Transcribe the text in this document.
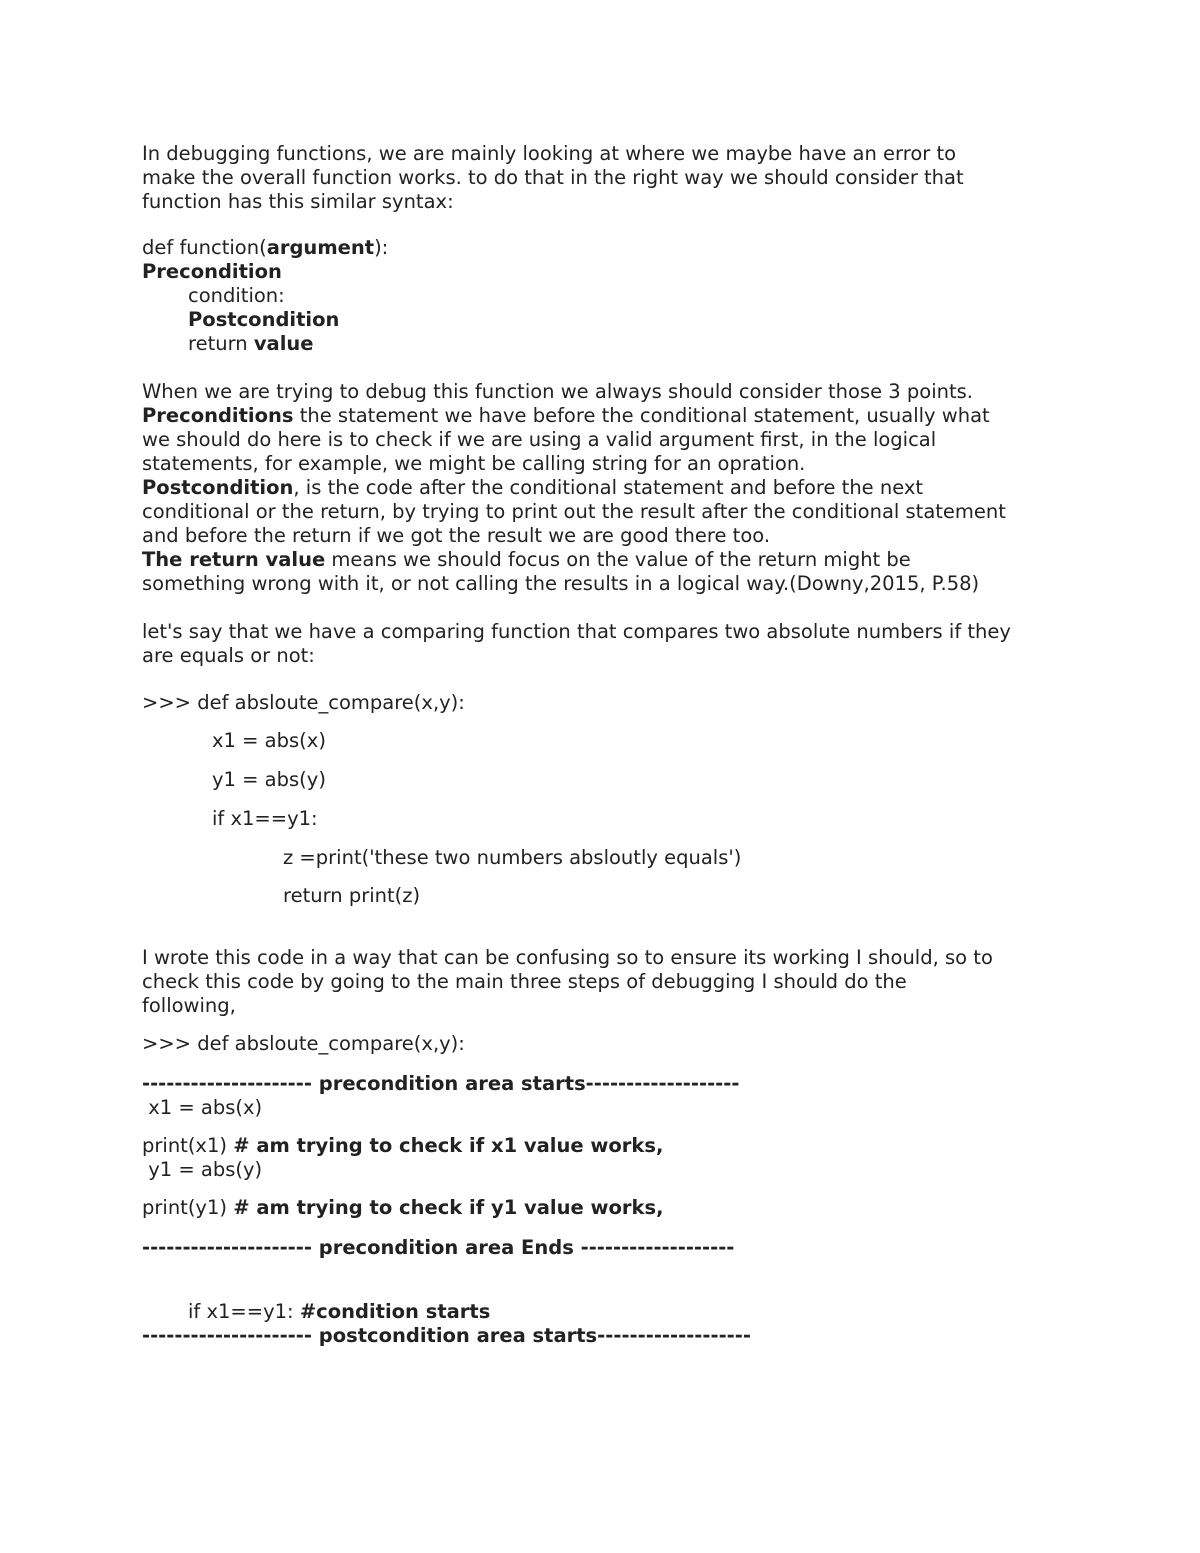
In debugging functions, we are mainly looking at where we maybe have an error to
make the overall function works. to do that in the right way we should consider that
function has this similar syntax:
def function(argument):
Precondition
condition:
Postcondition
return value
When we are trying to debug this function we always should consider those 3 points.
Preconditions the statement we have before the conditional statement, usually what
we should do here is to check if we are using a valid argument first, in the logical
statements, for example, we might be calling string for an opration.
Postcondition, is the code after the conditional statement and before the next
conditional or the return, by trying to print out the result after the conditional statement
and before the return if we got the result we are good there too.
The return value means we should focus on the value of the return might be
something wrong with it, or not calling the results in a logical way.(Downy,2015, P.58)
let's say that we have a comparing function that compares two absolute numbers if they
are equals or not:
>>> def absloute_compare(x,y):
x1 = abs(x)
y1 = abs(y)
if x1==y1:
z =print('these two numbers absloutly equals')
return print(z)
I wrote this code in a way that can be confusing so to ensure its working I should, so to
check this code by going to the main three steps of debugging I should do the
following,
>>> def absloute_compare(x,y):
--------------------- precondition area starts-------------------
x1 = abs(x)
print(x1) # am trying to check if x1 value works,
y1 = abs(y)
print(y1) # am trying to check if y1 value works,
--------------------- precondition area Ends -------------------
if x1==y1: #condition starts
--------------------- postcondition area starts-------------------
